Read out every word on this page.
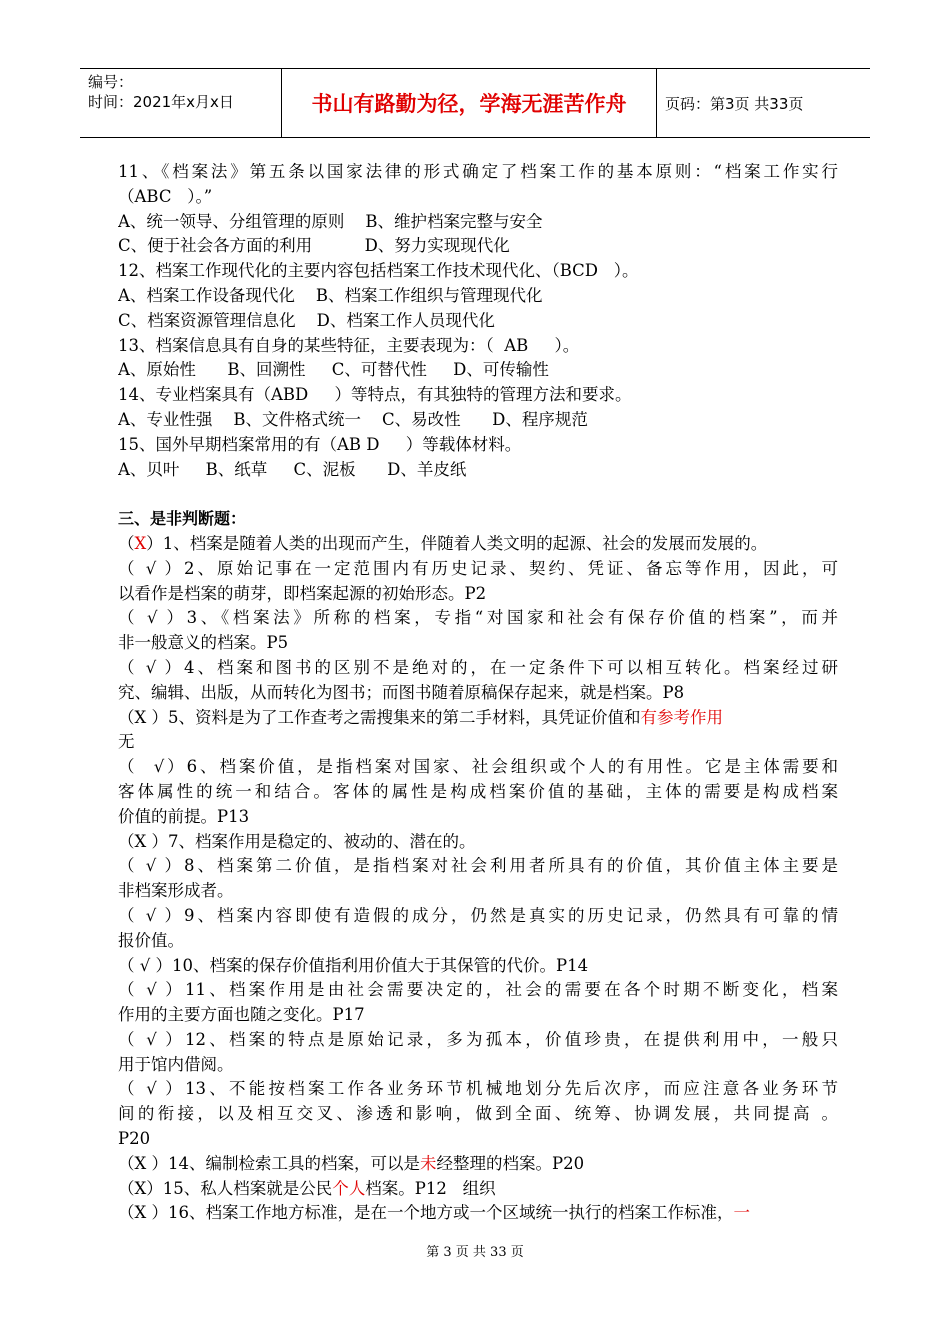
编号：
时间：2021年x月x日	书山有路勤为径，学海无涯苦作舟	页码：第3页 共33页
11、《档案法》第五条以国家法律的形式确定了档案工作的基本原则：“档案工作实行
（ABC   ）。”
A、统一领导、分组管理的原则    B、维护档案完整与安全
C、便于社会各方面的利用          D、努力实现现代化
12、档案工作现代化的主要内容包括档案工作技术现代化、（BCD   ）。
A、档案工作设备现代化    B、档案工作组织与管理现代化
C、档案资源管理信息化    D、档案工作人员现代化
13、档案信息具有自身的某些特征，主要表现为：（  AB     ）。
A、原始性      B、回溯性     C、可替代性     D、可传输性
14、专业档案具有（ABD     ）等特点，有其独特的管理方法和要求。
A、专业性强    B、文件格式统一    C、易改性      D、程序规范
15、国外早期档案常用的有（AB D     ）等载体材料。
A、贝叶     B、纸草     C、泥板      D、羊皮纸
三、是非判断题：
（X）1、档案是随着人类的出现而产生，伴随着人类文明的起源、社会的发展而发展的。
（ √ ）2、原始记事在一定范围内有历史记录、契约、凭证、备忘等作用，因此，可
以看作是档案的萌芽，即档案起源的初始形态。P2
（ √ ）3、《档案法》所称的档案，专指“对国家和社会有保存价值的档案”，而并
非一般意义的档案。P5
（ √ ）4、档案和图书的区别不是绝对的，在一定条件下可以相互转化。档案经过研
究、编辑、出版，从而转化为图书；而图书随着原稿保存起来，就是档案。P8
（X ）5、资料是为了工作查考之需搜集来的第二手材料，具凭证价值和有参考作用
无
（  √）6、档案价值，是指档案对国家、社会组织或个人的有用性。它是主体需要和
客体属性的统一和结合。客体的属性是构成档案价值的基础，主体的需要是构成档案
价值的前提。P13
（X ）7、档案作用是稳定的、被动的、潜在的。
（ √ ）8、档案第二价值，是指档案对社会利用者所具有的价值，其价值主体主要是
非档案形成者。
（ √ ）9、档案内容即使有造假的成分，仍然是真实的历史记录，仍然具有可靠的情
报价值。
（ √ ）10、档案的保存价值指利用价值大于其保管的代价。P14
（ √ ）11、档案作用是由社会需要决定的，社会的需要在各个时期不断变化，档案
作用的主要方面也随之变化。P17
（ √ ）12、档案的特点是原始记录，多为孤本，价值珍贵，在提供利用中，一般只
用于馆内借阅。
（ √ ）13、不能按档案工作各业务环节机械地划分先后次序，而应注意各业务环节
间的衔接，以及相互交叉、渗透和影响，做到全面、统筹、协调发展，共同提高 。
P20
（X ）14、编制检索工具的档案，可以是未经整理的档案。P20
（X）15、私人档案就是公民个人档案。P12   组织
（X ）16、档案工作地方标准，是在一个地方或一个区域统一执行的档案工作标准，一
第 3 页 共 33 页
